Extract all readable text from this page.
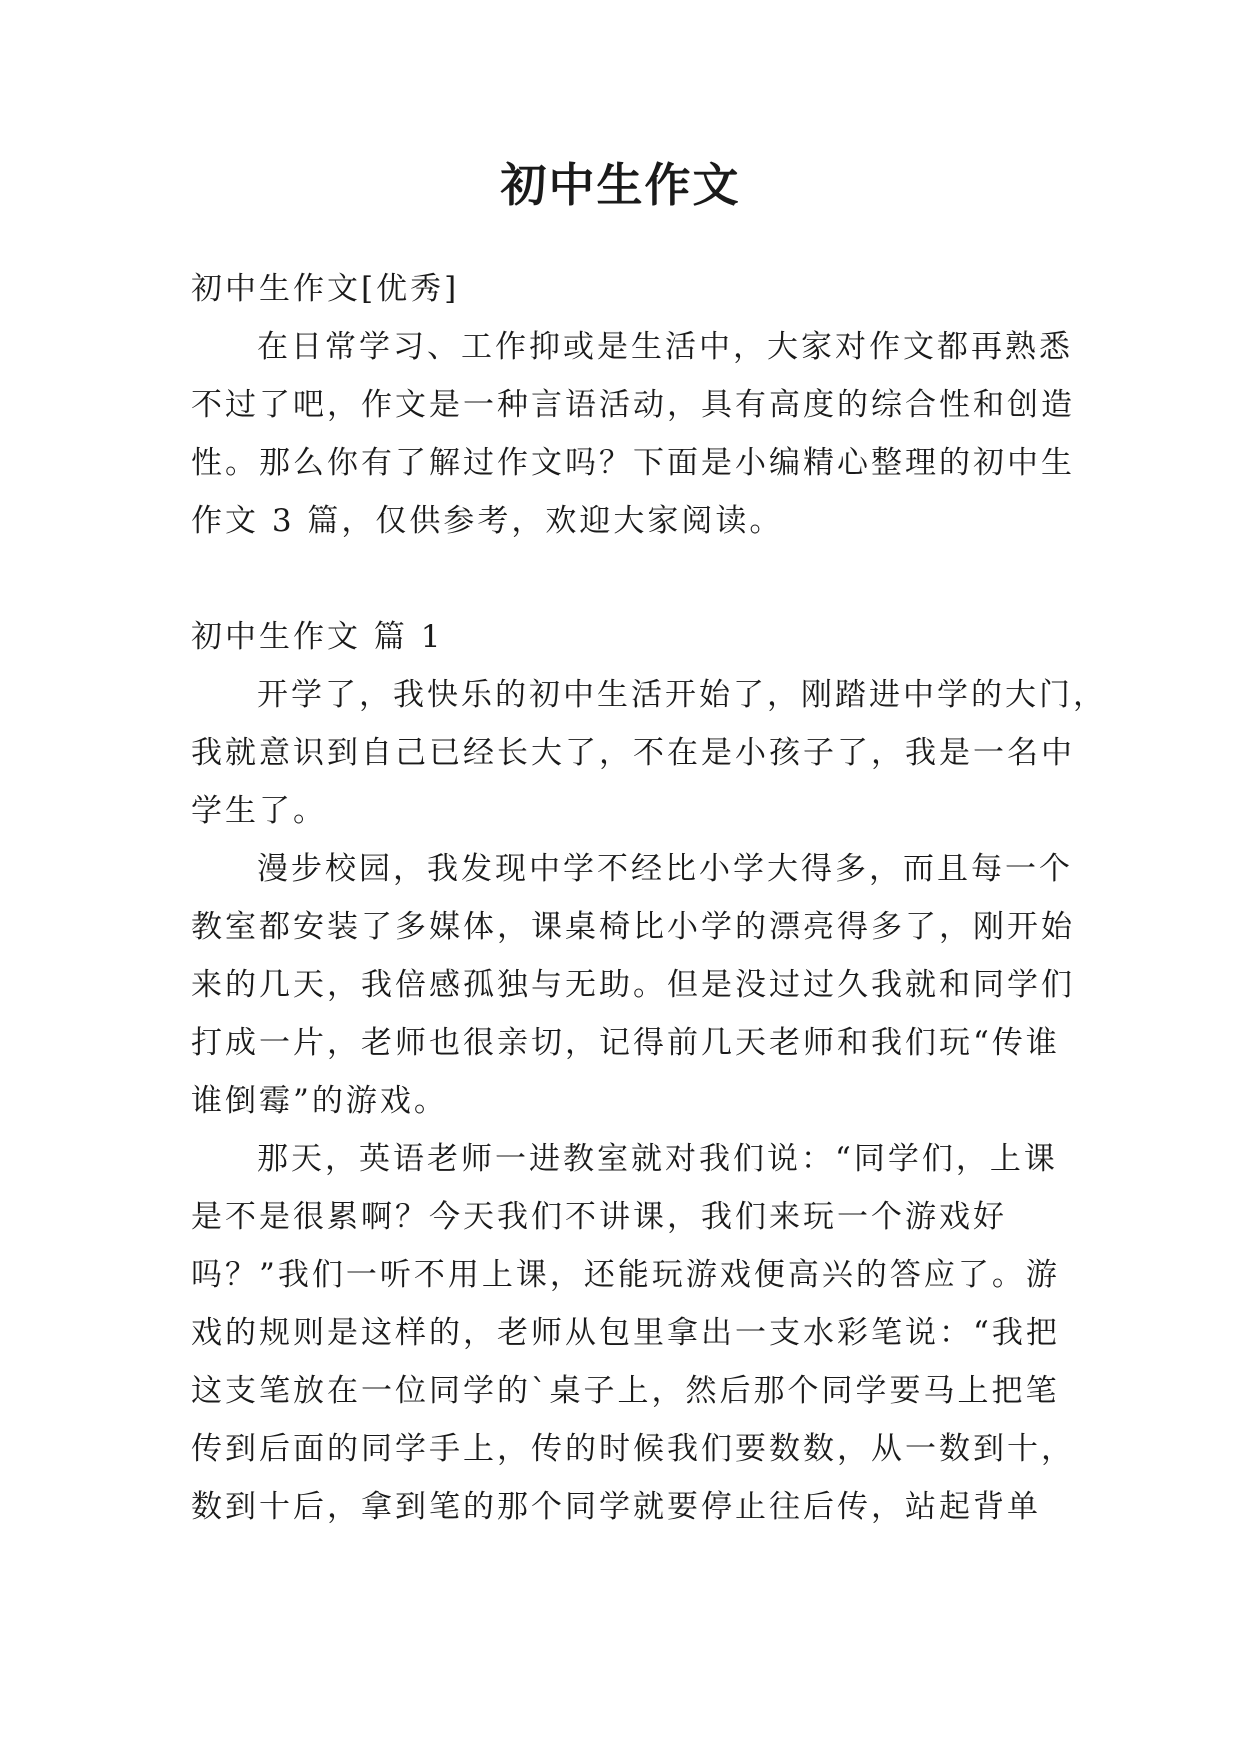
初中生作文
初中生作文[优秀]
在日常学习、工作抑或是生活中，大家对作文都再熟悉
不过了吧，作文是一种言语活动，具有高度的综合性和创造
性。那么你有了解过作文吗？下面是小编精心整理的初中生
作文 3 篇，仅供参考，欢迎大家阅读。
初中生作文 篇 1
开学了，我快乐的初中生活开始了，刚踏进中学的大门，
我就意识到自己已经长大了，不在是小孩子了，我是一名中
学生了。
漫步校园，我发现中学不经比小学大得多，而且每一个
教室都安装了多媒体，课桌椅比小学的漂亮得多了，刚开始
来的几天，我倍感孤独与无助。但是没过过久我就和同学们
打成一片，老师也很亲切，记得前几天老师和我们玩“传谁
谁倒霉”的游戏。
那天，英语老师一进教室就对我们说：“同学们，上课
是不是很累啊？今天我们不讲课，我们来玩一个游戏好
吗？”我们一听不用上课，还能玩游戏便高兴的答应了。游
戏的规则是这样的，老师从包里拿出一支水彩笔说：“我把
这支笔放在一位同学的`桌子上，然后那个同学要马上把笔
传到后面的同学手上，传的时候我们要数数，从一数到十，
数到十后，拿到笔的那个同学就要停止往后传，站起背单
